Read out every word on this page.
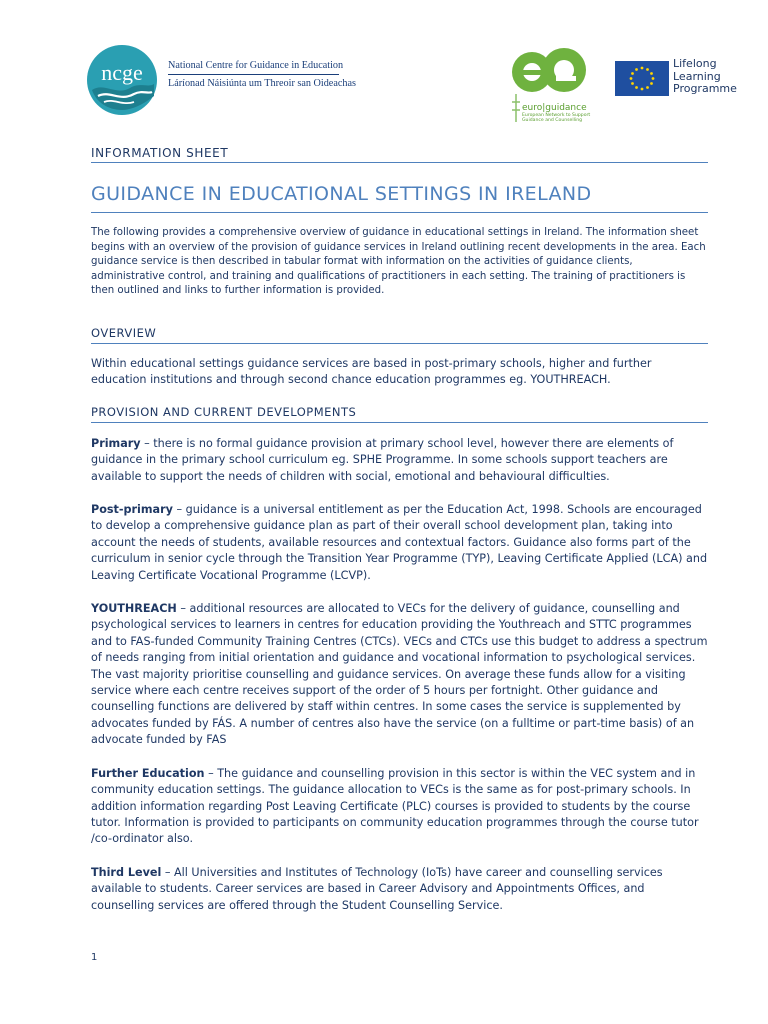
ncge National Centre for Guidance in Education
Láríonad Náisiúnta um Threoir san Oideachas
eg
euro|guidance
European Network to Support
Guidance and Counselling
Lifelong
Learning
Programme
INFORMATION SHEET
GUIDANCE IN EDUCATIONAL SETTINGS IN IRELAND
The following provides a comprehensive overview of guidance in educational settings in Ireland. The information sheet begins with an overview of the provision of guidance services in Ireland outlining recent developments in the area. Each guidance service is then described in tabular format with information on the activities of guidance clients, administrative control, and training and qualifications of practitioners in each setting. The training of practitioners is then outlined and links to further information is provided.
OVERVIEW
Within educational settings guidance services are based in post-primary schools, higher and further education institutions and through second chance education programmes eg. YOUTHREACH.
PROVISION AND CURRENT DEVELOPMENTS
Primary – there is no formal guidance provision at primary school level, however there are elements of guidance in the primary school curriculum eg. SPHE Programme. In some schools support teachers are available to support the needs of children with social, emotional and behavioural difficulties.
Post-primary – guidance is a universal entitlement as per the Education Act, 1998. Schools are encouraged to develop a comprehensive guidance plan as part of their overall school development plan, taking into account the needs of students, available resources and contextual factors. Guidance also forms part of the curriculum in senior cycle through the Transition Year Programme (TYP), Leaving Certificate Applied (LCA) and Leaving Certificate Vocational Programme (LCVP).
YOUTHREACH – additional resources are allocated to VECs for the delivery of guidance, counselling and psychological services to learners in centres for education providing the Youthreach and STTC programmes and to FAS-funded Community Training Centres (CTCs). VECs and CTCs use this budget to address a spectrum of needs ranging from initial orientation and guidance and vocational information to psychological services. The vast majority prioritise counselling and guidance services. On average these funds allow for a visiting service where each centre receives support of the order of 5 hours per fortnight. Other guidance and counselling functions are delivered by staff within centres. In some cases the service is supplemented by advocates funded by FÁS. A number of centres also have the service (on a fulltime or part-time basis) of an advocate funded by FAS
Further Education – The guidance and counselling provision in this sector is within the VEC system and in community education settings. The guidance allocation to VECs is the same as for post-primary schools. In addition information regarding Post Leaving Certificate (PLC) courses is provided to students by the course tutor. Information is provided to participants on community education programmes through the course tutor /co-ordinator also.
Third Level – All Universities and Institutes of Technology (IoTs) have career and counselling services available to students. Career services are based in Career Advisory and Appointments Offices, and counselling services are offered through the Student Counselling Service.
1
